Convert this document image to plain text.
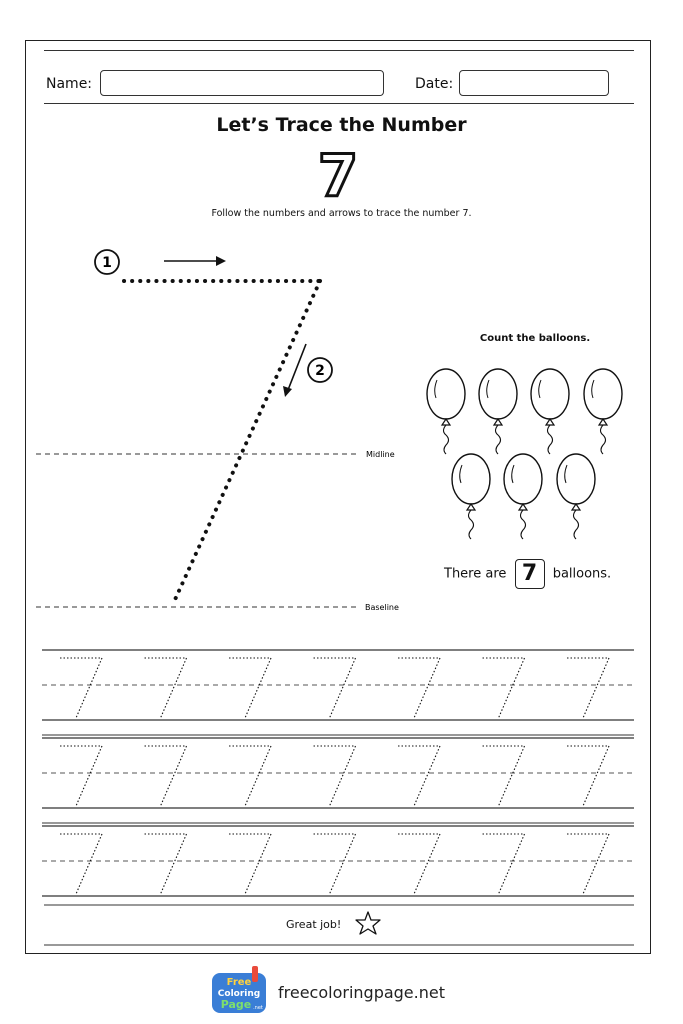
Name:	Date:
Let’s Trace the Number
7
Follow the numbers and arrows to trace the number 7.
1
2
Midline
Baseline
Count the balloons.
There are 7 balloons.
Great job!
Free
Coloring
Page .net
freecoloringpage.net
